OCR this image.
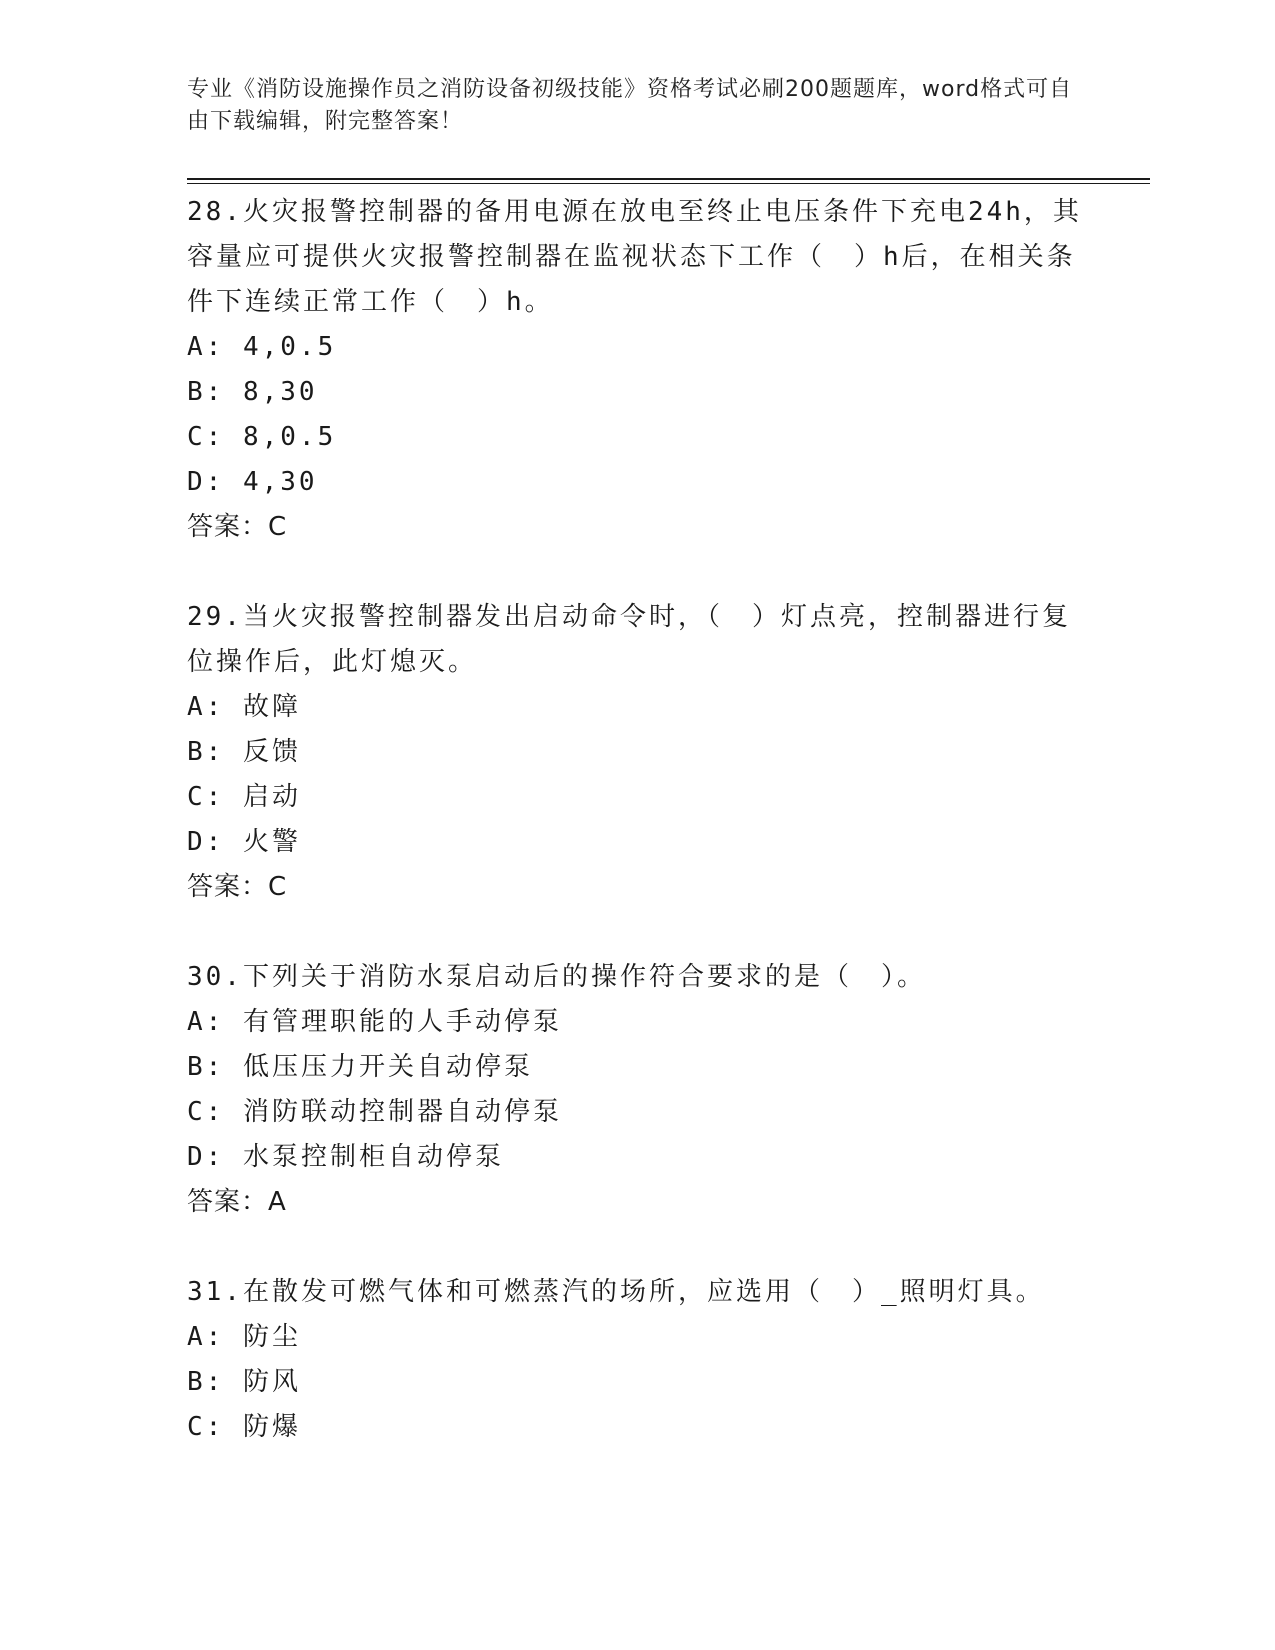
专业《消防设施操作员之消防设备初级技能》资格考试必刷200题题库，word格式可自由下载编辑，附完整答案！

28.火灾报警控制器的备用电源在放电至终止电压条件下充电24h，其容量应可提供火灾报警控制器在监视状态下工作（　）h后，在相关条件下连续正常工作（　）h。

A: 4,0.5

B: 8,30

C: 8,0.5

D: 4,30

答案：C

29.当火灾报警控制器发出启动命令时，（　）灯点亮，控制器进行复位操作后，此灯熄灭。

A: 故障

B: 反馈

C: 启动

D: 火警

答案：C

30.下列关于消防水泵启动后的操作符合要求的是（　）。

A: 有管理职能的人手动停泵

B: 低压压力开关自动停泵

C: 消防联动控制器自动停泵

D: 水泵控制柜自动停泵

答案：A

31.在散发可燃气体和可燃蒸汽的场所，应选用（　）_照明灯具。

A: 防尘

B: 防风

C: 防爆
